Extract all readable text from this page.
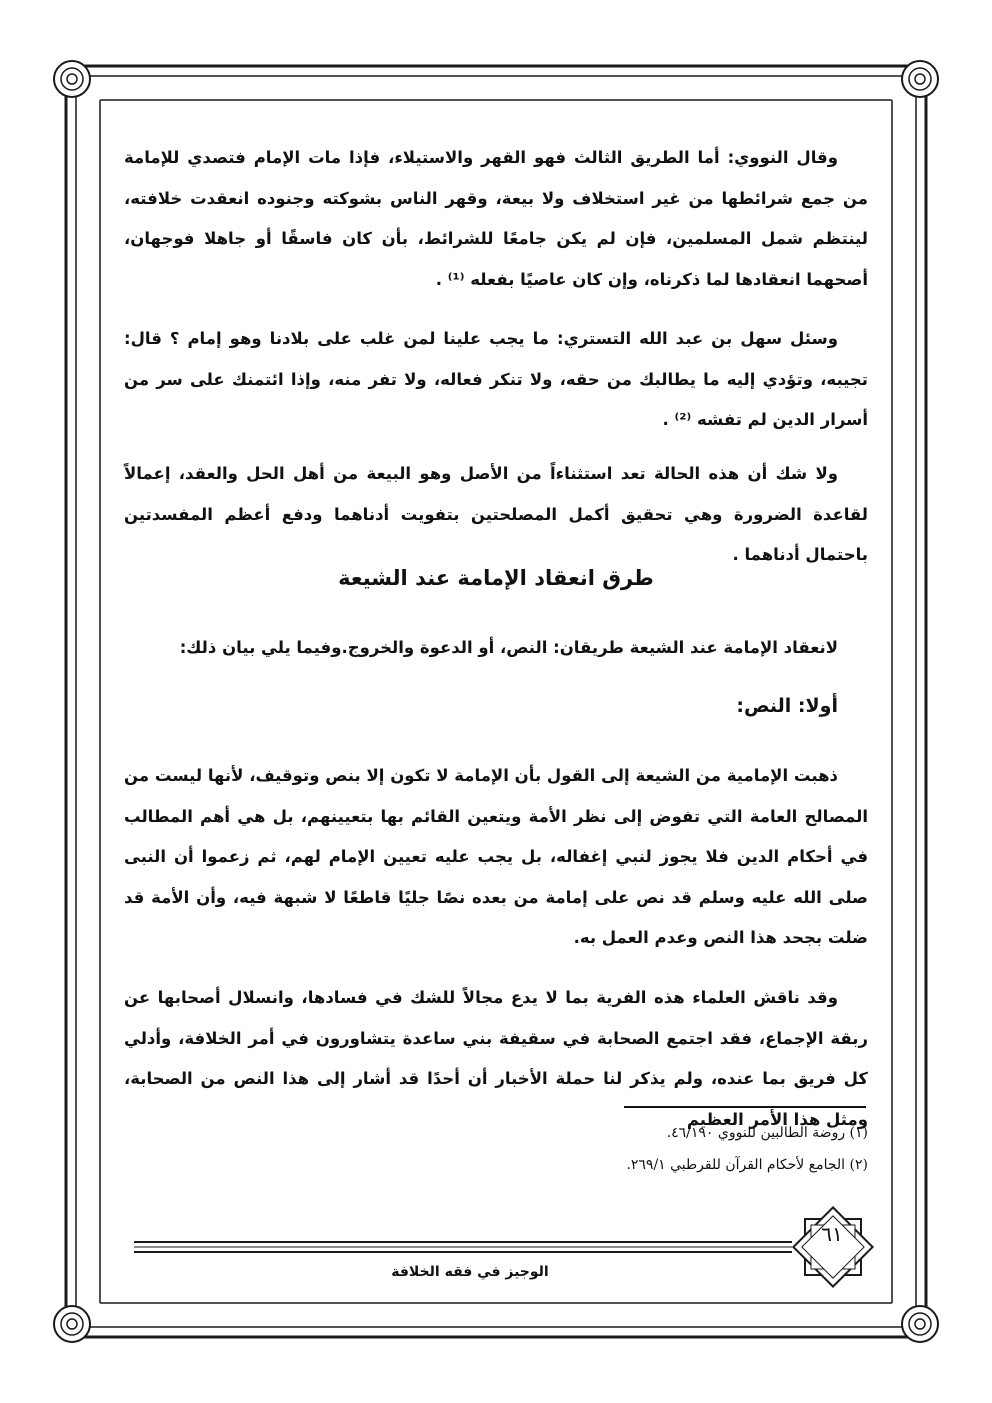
وقال النووي: أما الطريق الثالث فهو القهر والاستيلاء، فإذا مات الإمام فتصدي للإمامة من جمع شرائطها من غير استخلاف ولا بيعة، وقهر الناس بشوكته وجنوده انعقدت خلافته، لينتظم شمل المسلمين، فإن لم يكن جامعًا للشرائط، بأن كان فاسقًا أو جاهلا فوجهان، أصحهما انعقادها لما ذكرناه، وإن كان عاصيًا بفعله ⁽¹⁾ .

وسئل سهل بن عبد الله التستري: ما يجب علينا لمن غلب على بلادنا وهو إمام ؟ قال: تجيبه، وتؤدي إليه ما يطالبك من حقه، ولا تنكر فعاله، ولا تفر منه، وإذا ائتمنك على سر من أسرار الدين لم تفشه ⁽²⁾ .

ولا شك أن هذه الحالة تعد استثناءاً من الأصل وهو البيعة من أهل الحل والعقد، إعمالاً لقاعدة الضرورة وهي تحقيق أكمل المصلحتين بتفويت أدناهما ودفع أعظم المفسدتين باحتمال أدناهما .

طرق انعقاد الإمامة عند الشيعة

لانعقاد الإمامة عند الشيعة طريقان: النص، أو الدعوة والخروج.وفيما يلي بيان ذلك:

أولا: النص:

ذهبت الإمامية من الشيعة إلى القول بأن الإمامة لا تكون إلا بنص وتوقيف، لأنها ليست من المصالح العامة التي تفوض إلى نظر الأمة ويتعين القائم بها بتعيينهم، بل هي أهم المطالب في أحكام الدين فلا يجوز لنبي إغفاله، بل يجب عليه تعيين الإمام لهم، ثم زعموا أن النبى صلى الله عليه وسلم قد نص على إمامة من بعده نصًا جليًا قاطعًا لا شبهة فيه، وأن الأمة قد ضلت بجحد هذا النص وعدم العمل به.

وقد ناقش العلماء هذه الفرية بما لا يدع مجالاً للشك في فسادها، وانسلال أصحابها عن ربقة الإجماع، فقد اجتمع الصحابة في سقيفة بني ساعدة يتشاورون في أمر الخلافة، وأدلي كل فريق بما عنده، ولم يذكر لنا حملة الأخبار أن أحدًا قد أشار إلى هذا النص من الصحابة، ومثل هذا الأمر العظيم

(١) روضة الطالبين للنووي ٤٦/١٩٠.
(٢) الجامع لأحكام القرآن للقرطبي ٢٦٩/١.
٦١
الوجيز في فقه الخلافة
